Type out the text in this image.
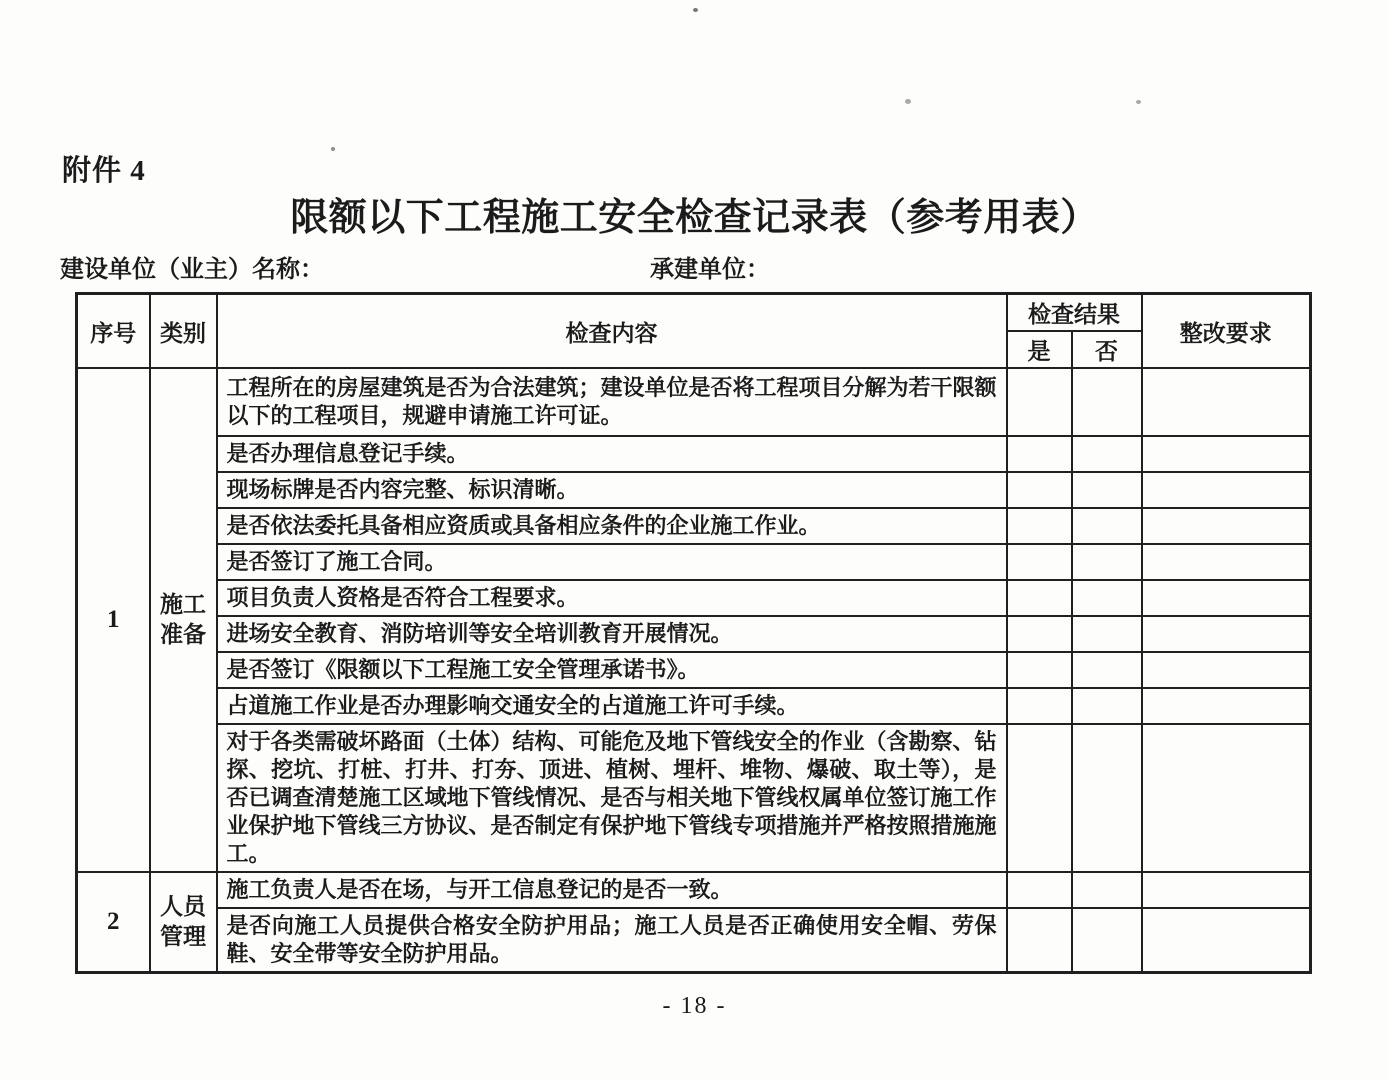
附件 4
限额以下工程施工安全检查记录表（参考用表）
建设单位（业主）名称：	承建单位：
序号	类别	检查内容	检查结果		整改要求
			是	否	
1	施工准备	工程所在的房屋建筑是否为合法建筑；建设单位是否将工程项目分解为若干限额以下的工程项目，规避申请施工许可证。			
		是否办理信息登记手续。			
		现场标牌是否内容完整、标识清晰。			
		是否依法委托具备相应资质或具备相应条件的企业施工作业。			
		是否签订了施工合同。			
		项目负责人资格是否符合工程要求。			
		进场安全教育、消防培训等安全培训教育开展情况。			
		是否签订《限额以下工程施工安全管理承诺书》。			
		占道施工作业是否办理影响交通安全的占道施工许可手续。			
		对于各类需破坏路面（土体）结构、可能危及地下管线安全的作业（含勘察、钻探、挖坑、打桩、打井、打夯、顶进、植树、埋杆、堆物、爆破、取土等），是否已调查清楚施工区域地下管线情况、是否与相关地下管线权属单位签订施工作业保护地下管线三方协议、是否制定有保护地下管线专项措施并严格按照措施施工。			
2	人员管理	施工负责人是否在场，与开工信息登记的是否一致。			
		是否向施工人员提供合格安全防护用品；施工人员是否正确使用安全帽、劳保鞋、安全带等安全防护用品。			
- 18 -
